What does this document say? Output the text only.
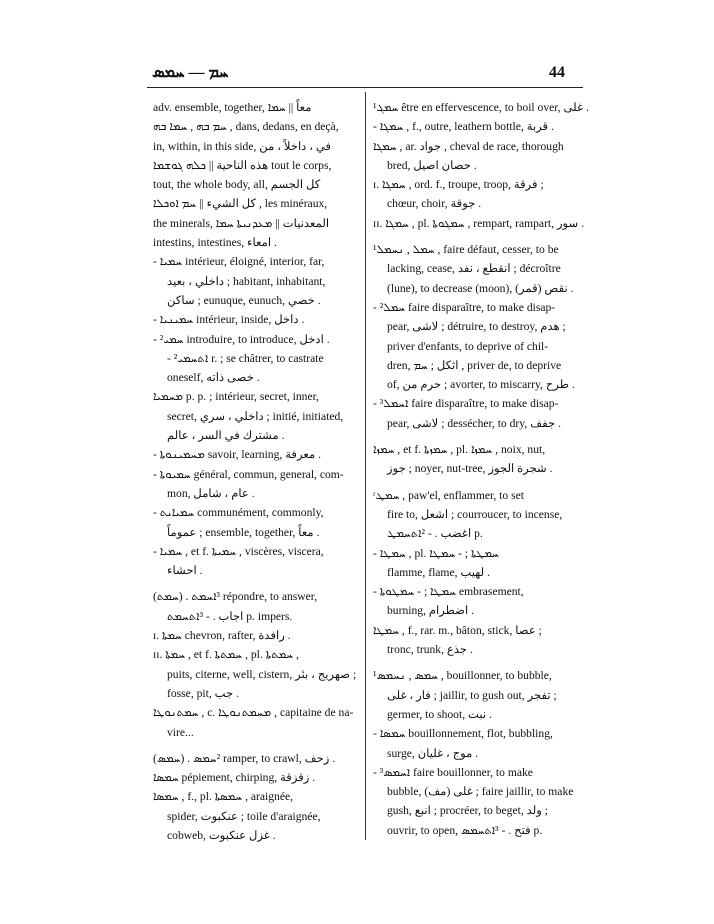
ܚܡ — ܚܡܣ	44
adv. ensemble, together, معاً || ܚܡܐ
ܚܡ ܒܗ , ܚܡܐ ܒܗ , dans, dedans, en deçà,
in, within, in this side, في ، داخلاً ، من
هذه الناحية || ܟܠܗ ܓܘܫܡܐ tout le corps,
tout, the whole body, all, كل الجسم
كل الشيء || ܚܡ ܐܘܟܠܐ , les minéraux,
the minerals, المعدنيات || ܡܥܕܢܝܬܐ ܚܡܐ
intestins, intestines, امعاء .
- ܚܡܝܐ intérieur, éloigné, interior, far,
داخلي ، بعيد ; habitant, inhabitant,
ساكن ; eunuque, eunuch, خصي .
- ܚܡܝܢܝܐ intérieur, inside, داخل .
- ²ܚܡܝ introduire, to introduce, ادخل .
- ²ܐܬܚܡܝ r. ; se châtrer, to castrate
oneself, خصى ذاته .
ܡܚܡܝܐ p. p. ; intérieur, secret, inner,
secret, داخلي ، سري ; initié, initiated,
مشترك في السر ، عالم .
- ܡܚܡܝܢܘܬܐ savoir, learning, معرفة .
- ܚܡܝܘܬܐ général, commun, general, com-
mon, عام ، شامل .
- ܚܡܝܐܝܬ communément, commonly,
عموماً ; ensemble, together, معاً .
- ܚܡܝܐ , et f. ܚܡܝܬܐ , viscères, viscera,
احشاء .
(ܚܡܬ) . ³ܐܚܡܬ répondre, to answer,
اجاب . - ³ܐܬܚܡܬ p. impers.
ɪ. ܚܡܬܐ chevron, rafter, رافدة .
ɪɪ. ܚܡܬܐ , et f. ܚܡܬܬܐ , pl. ܚܡܬܬܐ ,
puits, citerne, well, cistern, صهريج ، بئر ;
fosse, pit, جب .
ܚܡܬܢܘܛܐ , c. ܡܚܡܬܢܘܛܐ , capitaine de na-
vire...
(ܚܡܣ) . ²ܚܡܣ ramper, to crawl, زحف .
ܚܡܣܐ pépiement, chirping, زقزقة .
ܚܡܣܐ , f., pl. ܚܡܣܬܐ , araignée,
spider, عنكبوت ; toile d'araignée,
cobweb, غزل عنكبوت .
¹ܚܡܓ être en effervescence, to boil over, غلى .
- ܚܡܓܐ , f., outre, leathern bottle, قربة .
ܚܡܓܐ , ar. جواد , cheval de race, thorough
bred, حصان اصيل .
ɪ. ܚܡܓܐ , ord. f., troupe, troop, فرقة ;
chœur, choir, جوقة .
ɪɪ. ܚܡܓܐ , pl. ܚܡܓܘܬܐ , rempart, rampart, سور .
¹ܚܡܠ , ܢܚܡܠ , faire défaut, cesser, to be
lacking, cease, انقطع ، نفد ; décroître
(lune), to decrease (moon), (قمر) نقص .
- ²ܚܡܠ faire disparaître, to make disap-
pear, لاشى ; détruire, to destroy, هدم ;
priver d'enfants, to deprive of chil-
dren, اثكل ; ܚܡ , priver de, to deprive
of, حرم من ; avorter, to miscarry, طرح .
- ³ܐܚܡܠ faire disparaître, to make disap-
pear, لاشى ; dessécher, to dry, جفف .
ܚܡܙܐ , et f. ܚܡܙܬܐ , pl. ܚܡܙܐ , noix, nut,
جوز ; noyer, nut-tree, شجرة الجوز .
ʳܚܡܛ , paw'el, enflammer, to set
fire to, اشعل ; courroucer, to incense,
اغضب . - ²ܐܬܚܡܛ p.
- ܚܡܛܐ , pl. ܚܡܛܬܐ ; - ܚܡܛܐ
flamme, flame, لهيب .
- ܚܡܛܐ ; - ܚܡܛܘܬܐ embrasement,
burning, اضطرام .
ܚܡܛܐ , f., rar. m., bâton, stick, عصا ;
tronc, trunk, جذع .
¹ܚܡܣ , ܢܚܡܣ , bouillonner, to bubble,
فار ، غلى ; jaillir, to gush out, تفجر ;
germer, to shoot, نبت .
- ܚܡܣܐ bouillonnement, flot, bubbling,
surge, موج ، غليان .
- ³ܐܚܡܣ faire bouillonner, to make
bubble, (مف) غلى ; faire jaillir, to make
gush, انبع ; procréer, to beget, ولد ;
ouvrir, to open, فتح . - ³ܐܬܚܡܣ p.
